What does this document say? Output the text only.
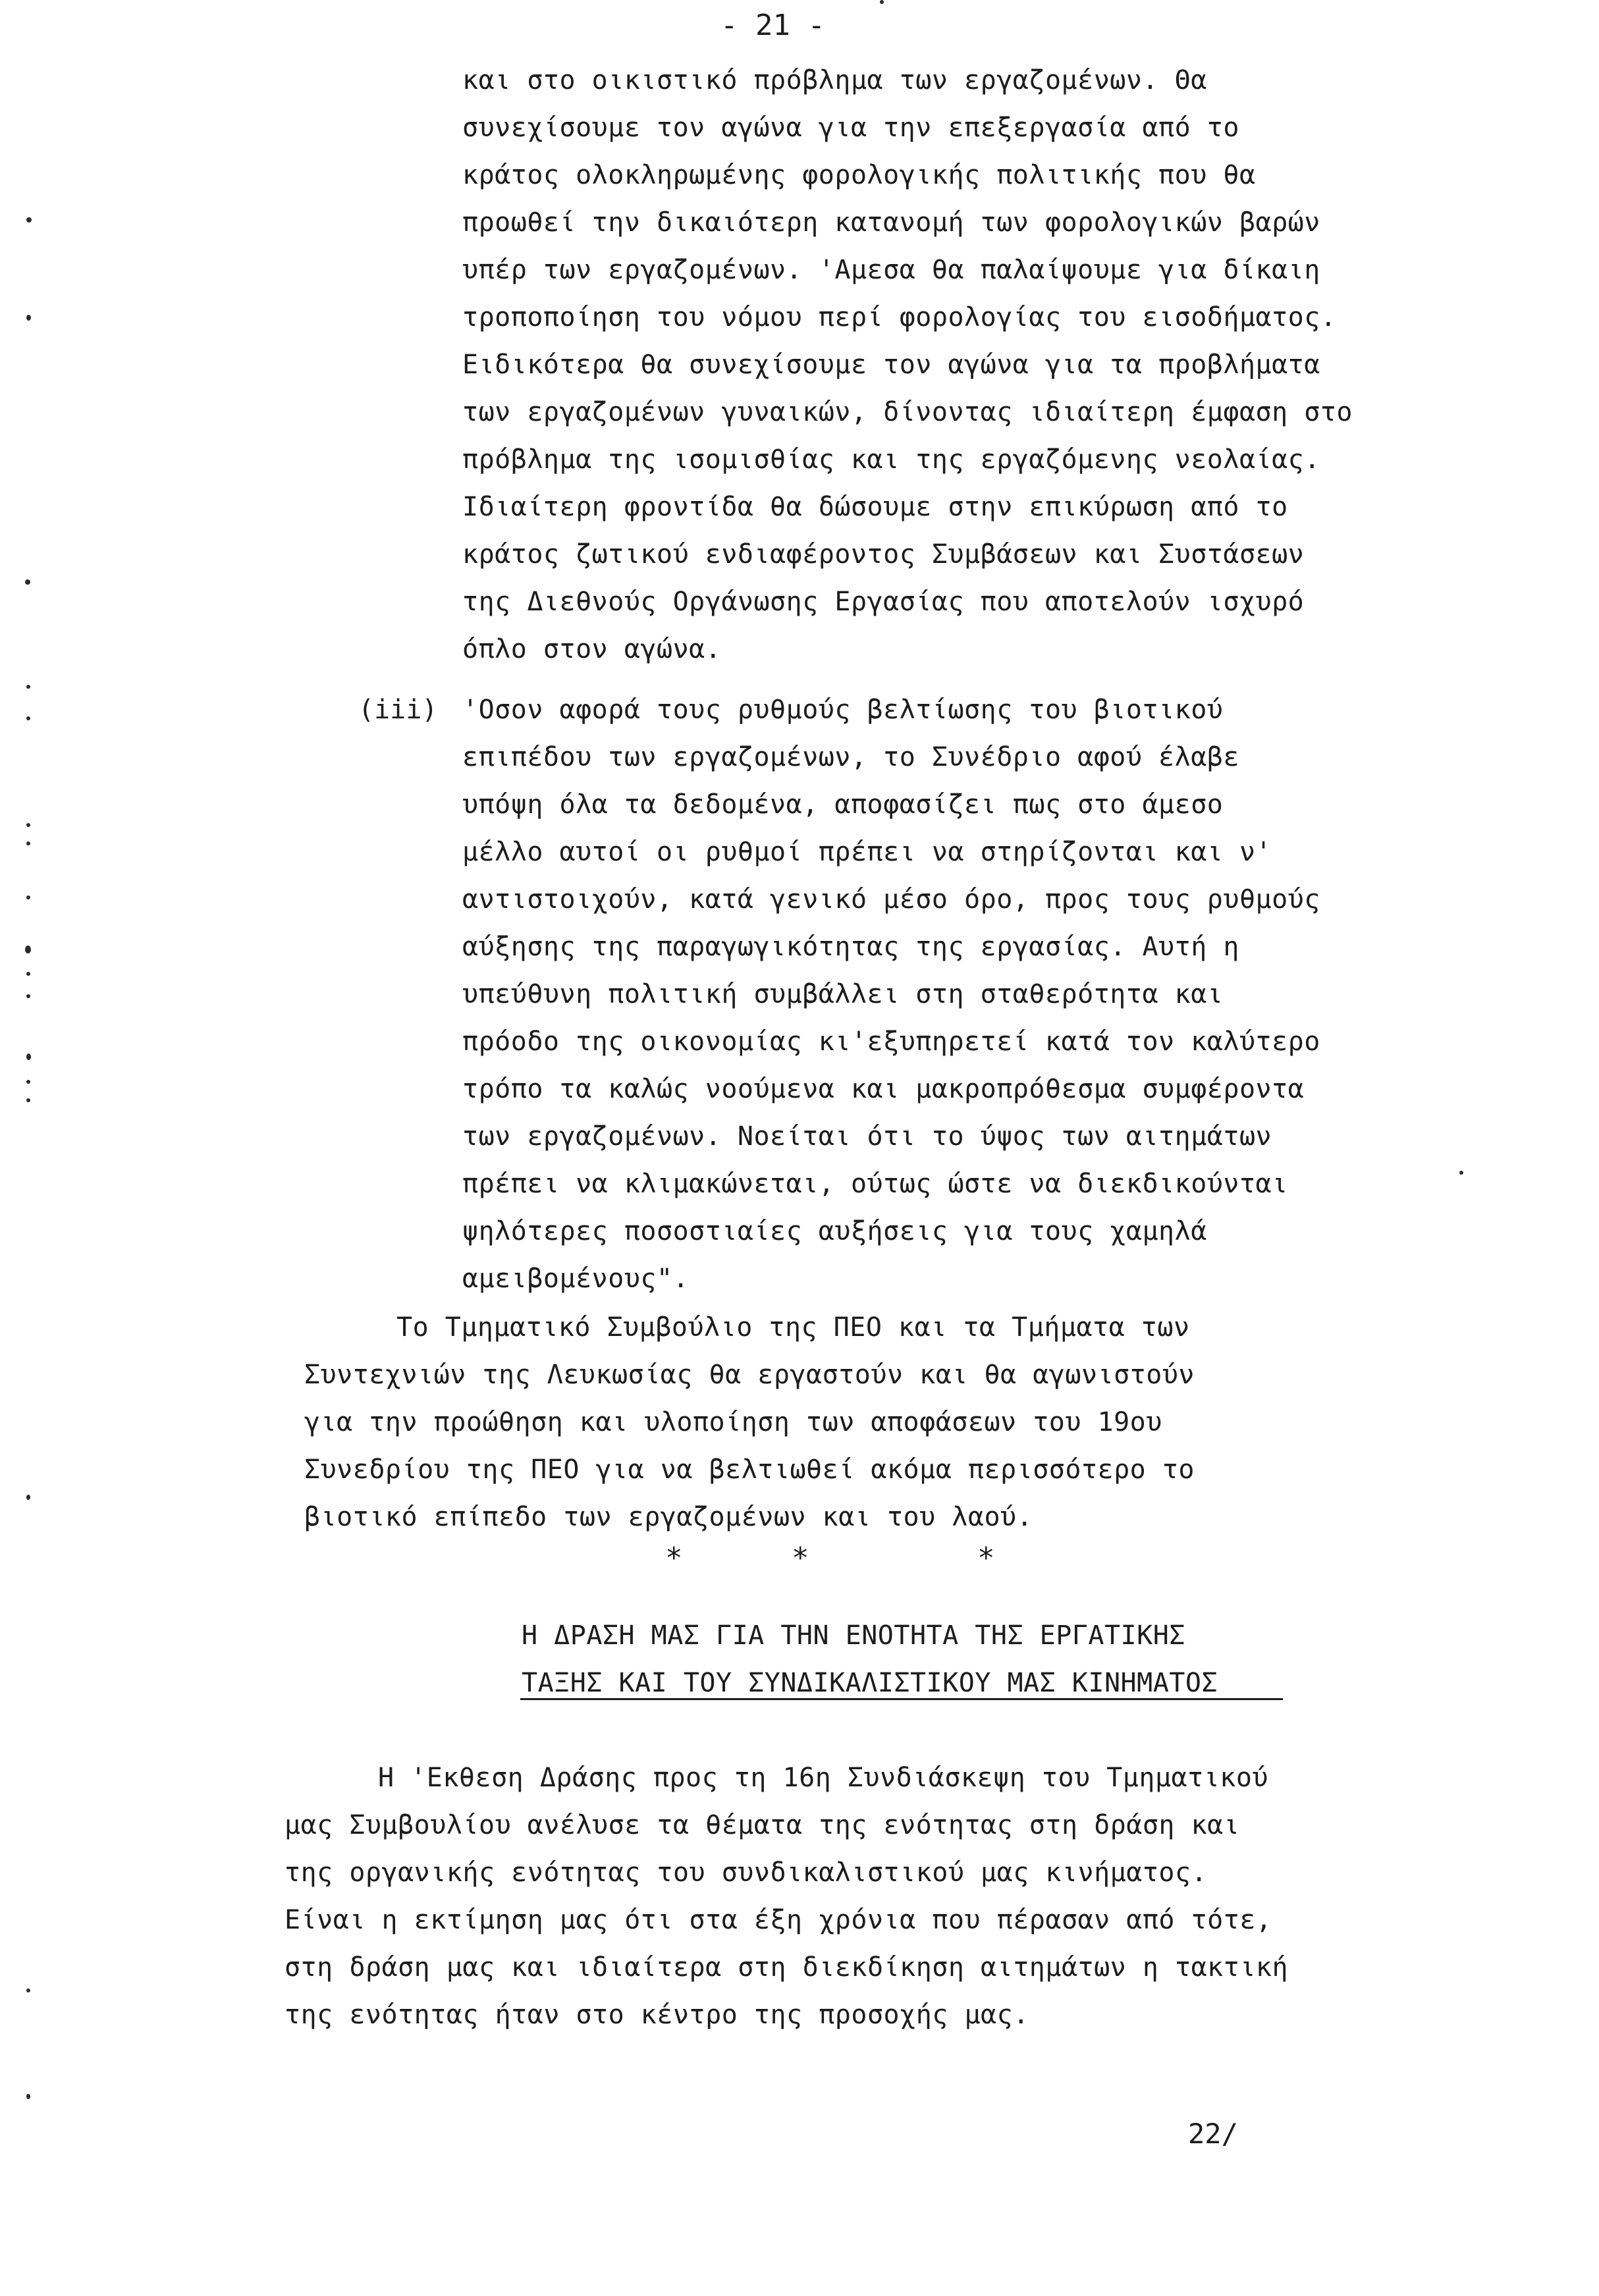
- 21 -
και στο οικιστικό πρόβλημα των εργαζομένων. Θα
συνεχίσουμε τον αγώνα για την επεξεργασία από το
κράτος ολοκληρωμένης φορολογικής πολιτικής που θα
προωθεί την δικαιότερη κατανομή των φορολογικών βαρών
υπέρ των εργαζομένων. 'Αμεσα θα παλαίψουμε για δίκαιη
τροποποίηση του νόμου περί φορολογίας του εισοδήματος.
Ειδικότερα θα συνεχίσουμε τον αγώνα για τα προβλήματα
των εργαζομένων γυναικών, δίνοντας ιδιαίτερη έμφαση στο
πρόβλημα της ισομισθίας και της εργαζόμενης νεολαίας.
Ιδιαίτερη φροντίδα θα δώσουμε στην επικύρωση από το
κράτος ζωτικού ενδιαφέροντος Συμβάσεων και Συστάσεων
της Διεθνούς Οργάνωσης Εργασίας που αποτελούν ισχυρό
όπλο στον αγώνα.
(iii) 'Οσον αφορά τους ρυθμούς βελτίωσης του βιοτικού
επιπέδου των εργαζομένων, το Συνέδριο αφού έλαβε
υπόψη όλα τα δεδομένα, αποφασίζει πως στο άμεσο
μέλλο αυτοί οι ρυθμοί πρέπει να στηρίζονται και ν'
αντιστοιχούν, κατά γενικό μέσο όρο, προς τους ρυθμούς
αύξησης της παραγωγικότητας της εργασίας. Αυτή η
υπεύθυνη πολιτική συμβάλλει στη σταθερότητα και
πρόοδο της οικονομίας κι'εξυπηρετεί κατά τον καλύτερο
τρόπο τα καλώς νοούμενα και μακροπρόθεσμα συμφέροντα
των εργαζομένων. Νοείται ότι το ύψος των αιτημάτων
πρέπει να κλιμακώνεται, ούτως ώστε να διεκδικούνται
ψηλότερες ποσοστιαίες αυξήσεις για τους χαμηλά
αμειβομένους".
Το Τμηματικό Συμβούλιο της ΠΕΟ και τα Τμήματα των
Συντεχνιών της Λευκωσίας θα εργαστούν και θα αγωνιστούν
για την προώθηση και υλοποίηση των αποφάσεων του 19ου
Συνεδρίου της ΠΕΟ για να βελτιωθεί ακόμα περισσότερο το
βιοτικό επίπεδο των εργαζομένων και του λαού.
*	*	*
Η ΔΡΑΣΗ ΜΑΣ ΓΙΑ ΤΗΝ ΕΝΟΤΗΤΑ ΤΗΣ ΕΡΓΑΤΙΚΗΣ
ΤΑΞΗΣ ΚΑΙ ΤΟΥ ΣΥΝΔΙΚΑΛΙΣΤΙΚΟΥ ΜΑΣ ΚΙΝΗΜΑΤΟΣ
Η 'Εκθεση Δράσης προς τη 16η Συνδιάσκεψη του Τμηματικού
μας Συμβουλίου ανέλυσε τα θέματα της ενότητας στη δράση και
της οργανικής ενότητας του συνδικαλιστικού μας κινήματος.
Είναι η εκτίμηση μας ότι στα έξη χρόνια που πέρασαν από τότε,
στη δράση μας και ιδιαίτερα στη διεκδίκηση αιτημάτων η τακτική
της ενότητας ήταν στο κέντρο της προσοχής μας.
22/
